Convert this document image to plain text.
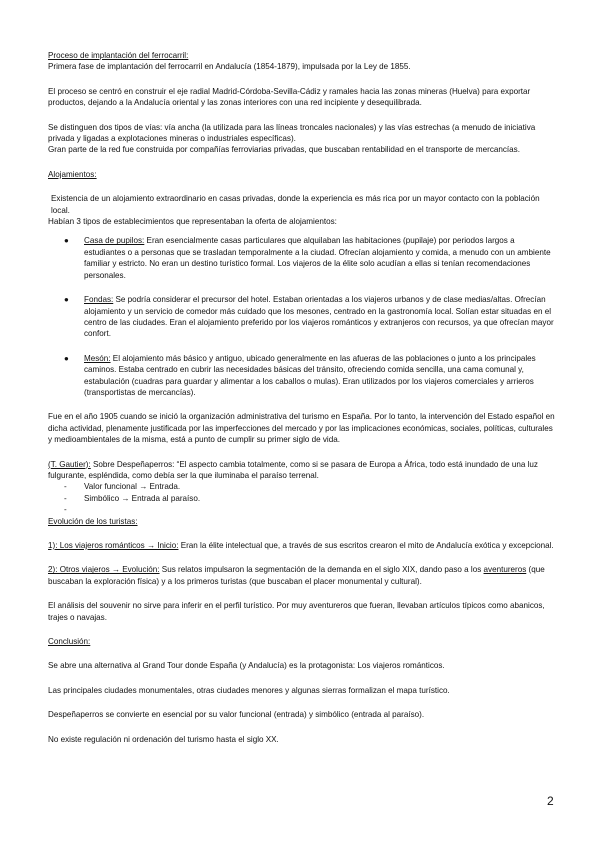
Proceso de implantación del ferrocarril:

Primera fase de implantación del ferrocarril en Andalucía (1854-1879), impulsada por la Ley de 1855.

El proceso se centró en construir el eje radial Madrid-Córdoba-Sevilla-Cádiz y ramales hacia las zonas mineras (Huelva) para exportar productos, dejando a la Andalucía oriental y las zonas interiores con una red incipiente y desequilibrada.

Se distinguen dos tipos de vías: vía ancha (la utilizada para las líneas troncales nacionales) y las vías estrechas (a menudo de iniciativa privada y ligadas a explotaciones mineras o industriales específicas).

Gran parte de la red fue construida por compañías ferroviarias privadas, que buscaban rentabilidad en el transporte de mercancías.

Alojamientos:

Existencia de un alojamiento extraordinario en casas privadas, donde la experiencia es más rica por un mayor contacto con la población local.

Habían 3 tipos de establecimientos que representaban la oferta de alojamientos:

● Casa de pupilos: Eran esencialmente casas particulares que alquilaban las habitaciones (pupilaje) por periodos largos a estudiantes o a personas que se trasladan temporalmente a la ciudad. Ofrecían alojamiento y comida, a menudo con un ambiente familiar y estricto. No eran un destino turístico formal. Los viajeros de la élite solo acudían a ellas si tenían recomendaciones personales.
● Fondas: Se podría considerar el precursor del hotel. Estaban orientadas a los viajeros urbanos y de clase medias/altas. Ofrecían alojamiento y un servicio de comedor más cuidado que los mesones, centrado en la gastronomía local. Solían estar situadas en el centro de las ciudades. Eran el alojamiento preferido por los viajeros románticos y extranjeros con recursos, ya que ofrecían mayor confort.
● Mesón: El alojamiento más básico y antiguo, ubicado generalmente en las afueras de las poblaciones o junto a los principales caminos. Estaba centrado en cubrir las necesidades básicas del tránsito, ofreciendo comida sencilla, una cama comunal y, estabulación (cuadras para guardar y alimentar a los caballos o mulas). Eran utilizados por los viajeros comerciales y arrieros (transportistas de mercancías).

Fue en el año 1905 cuando se inició la organización administrativa del turismo en España. Por lo tanto, la intervención del Estado español en dicha actividad, plenamente justificada por las imperfecciones del mercado y por las implicaciones económicas, sociales, políticas, culturales y medioambientales de la misma, está a punto de cumplir su primer siglo de vida.

(T. Gautier): Sobre Despeñaperros: “El aspecto cambia totalmente, como si se pasara de Europa a África, todo está inundado de una luz fulgurante, espléndida, como debía ser la que iluminaba el paraíso terrenal.

- Valor funcional → Entrada.
- Simbólico → Entrada al paraíso.
-

Evolución de los turistas:

1): Los viajeros románticos → Inicio: Eran la élite intelectual que, a través de sus escritos crearon el mito de Andalucía exótica y excepcional.

2): Otros viajeros → Evolución: Sus relatos impulsaron la segmentación de la demanda en el siglo XIX, dando paso a los aventureros (que buscaban la exploración física) y a los primeros turistas (que buscaban el placer monumental y cultural).

El análisis del souvenir no sirve para inferir en el perfil turístico. Por muy aventureros que fueran, llevaban artículos típicos como abanicos, trajes o navajas.

Conclusión:

Se abre una alternativa al Grand Tour donde España (y Andalucía) es la protagonista: Los viajeros románticos.

Las principales ciudades monumentales, otras ciudades menores y algunas sierras formalizan el mapa turístico.

Despeñaperros se convierte en esencial por su valor funcional (entrada) y simbólico (entrada al paraíso).

No existe regulación ni ordenación del turismo hasta el siglo XX.

2
